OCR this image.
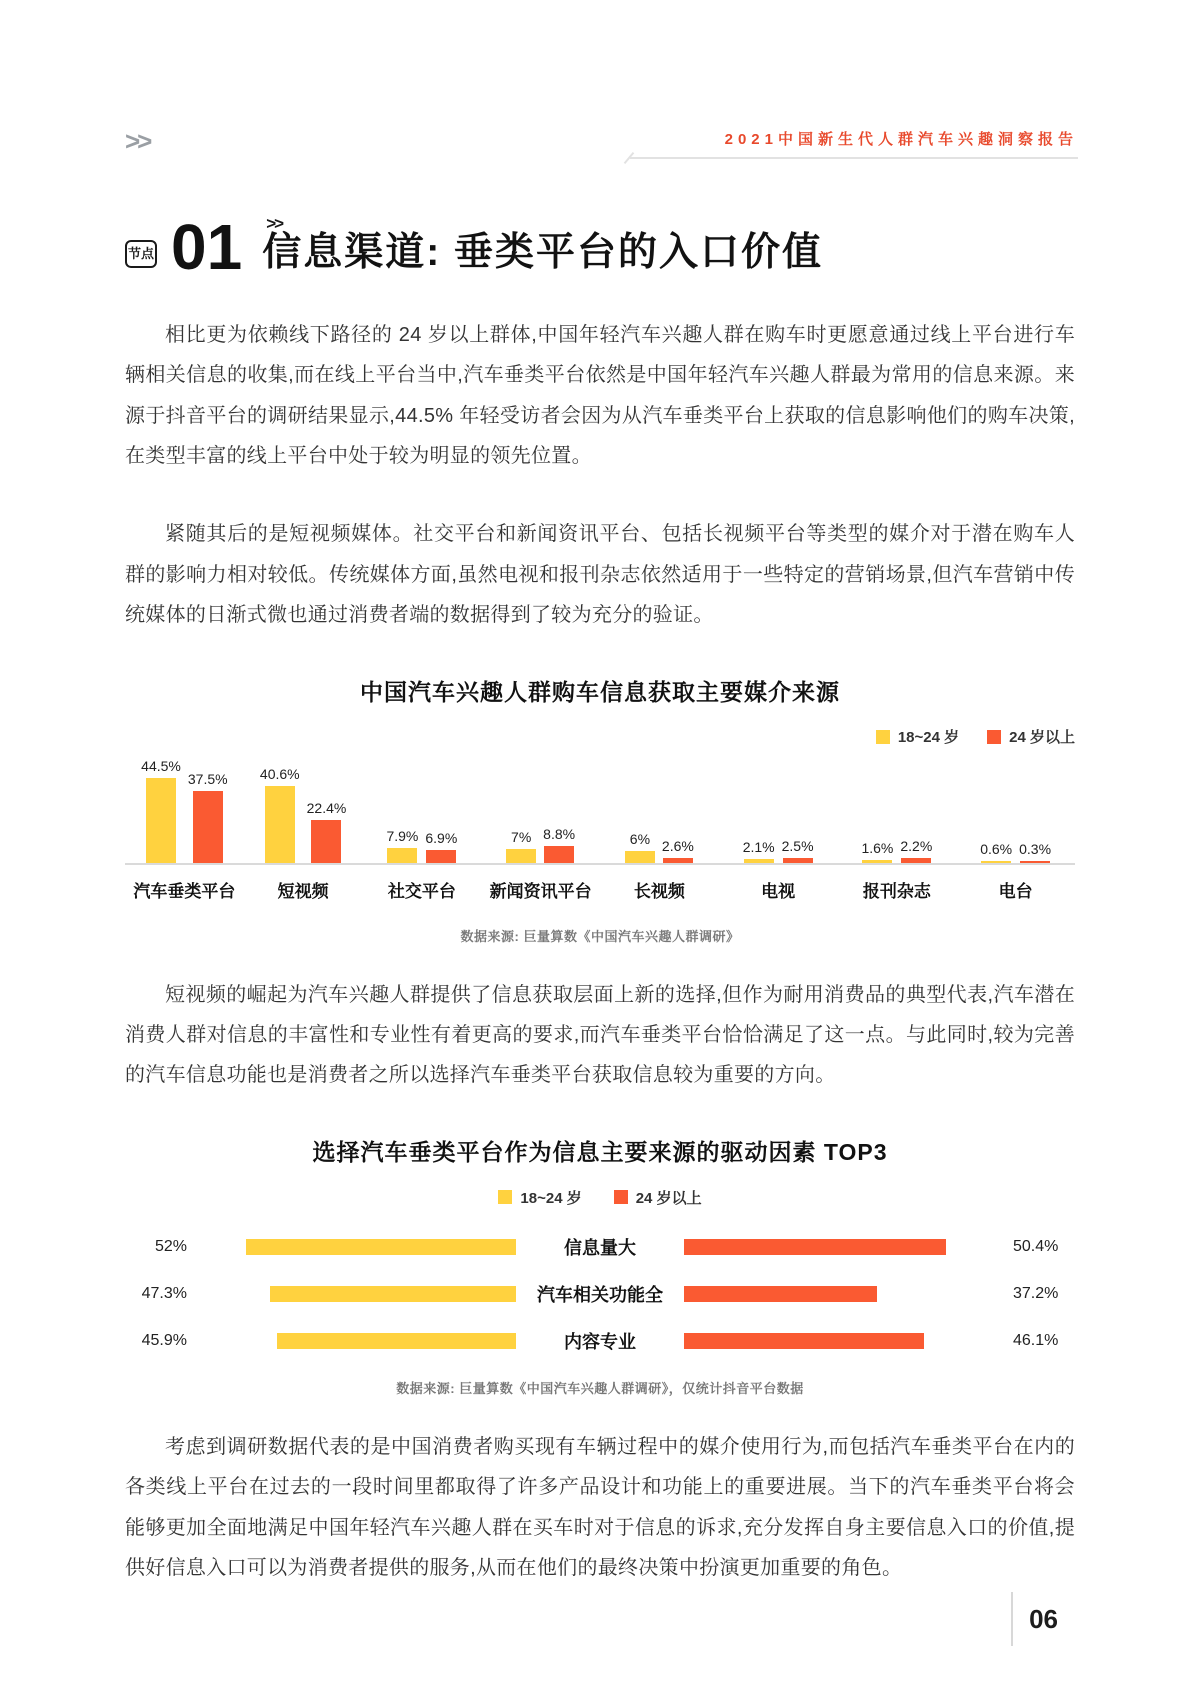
>>	2021中国新生代人群汽车兴趣洞察报告
节点 01 >>
信息渠道: 垂类平台的入口价值

相比更为依赖线下路径的 24 岁以上群体,中国年轻汽车兴趣人群在购车时更愿意通过线上平台进行车辆相关信息的收集,而在线上平台当中,汽车垂类平台依然是中国年轻汽车兴趣人群最为常用的信息来源。来源于抖音平台的调研结果显示,44.5% 年轻受访者会因为从汽车垂类平台上获取的信息影响他们的购车决策,在类型丰富的线上平台中处于较为明显的领先位置。

紧随其后的是短视频媒体。社交平台和新闻资讯平台、包括长视频平台等类型的媒介对于潜在购车人群的影响力相对较低。传统媒体方面,虽然电视和报刊杂志依然适用于一些特定的营销场景,但汽车营销中传统媒体的日渐式微也通过消费者端的数据得到了较为充分的验证。

中国汽车兴趣人群购车信息获取主要媒介来源
18~24 岁	24 岁以上
44.5%
37.5% 40.6%
22.4%
7.9% 6.9%	7% 8.8%	6% 2.6%	2.1% 2.5%	1.6% 2.2%	0.6% 0.3%
汽车垂类平台	短视频	社交平台	新闻资讯平台	长视频	电视	报刊杂志	电台
数据来源: 巨量算数《中国汽车兴趣人群调研》

短视频的崛起为汽车兴趣人群提供了信息获取层面上新的选择,但作为耐用消费品的典型代表,汽车潜在消费人群对信息的丰富性和专业性有着更高的要求,而汽车垂类平台恰恰满足了这一点。与此同时,较为完善的汽车信息功能也是消费者之所以选择汽车垂类平台获取信息较为重要的方向。

选择汽车垂类平台作为信息主要来源的驱动因素 TOP3
18~24 岁	24 岁以上
52%	信息量大	50.4%
47.3%	汽车相关功能全	37.2%
45.9%	内容专业	46.1%
数据来源: 巨量算数《中国汽车兴趣人群调研》，仅统计抖音平台数据

考虑到调研数据代表的是中国消费者购买现有车辆过程中的媒介使用行为,而包括汽车垂类平台在内的各类线上平台在过去的一段时间里都取得了许多产品设计和功能上的重要进展。当下的汽车垂类平台将会能够更加全面地满足中国年轻汽车兴趣人群在买车时对于信息的诉求,充分发挥自身主要信息入口的价值,提供好信息入口可以为消费者提供的服务,从而在他们的最终决策中扮演更加重要的角色。

06
